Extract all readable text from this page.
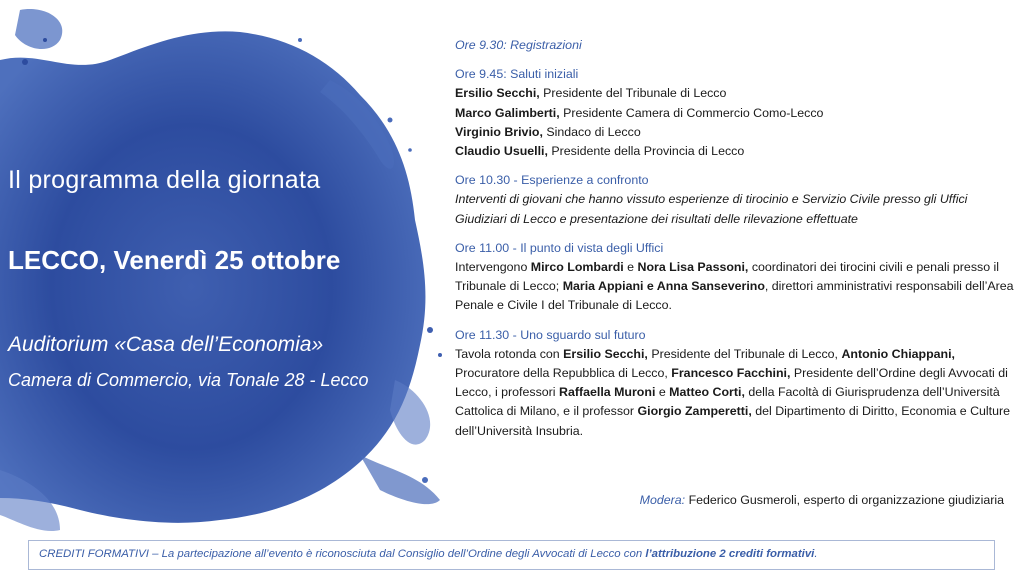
Il programma della giornata
LECCO, Venerdì 25 ottobre
Auditorium «Casa dell’Economia»
Camera di Commercio, via Tonale 28 - Lecco

Ore 9.30: Registrazioni

Ore 9.45: Saluti iniziali

Ersilio Secchi, Presidente del Tribunale di Lecco

Marco Galimberti, Presidente Camera di Commercio Como-Lecco

Virginio Brivio, Sindaco di Lecco

Claudio Usuelli, Presidente della Provincia di Lecco

Ore 10.30 - Esperienze a confronto

Interventi di giovani che hanno vissuto esperienze di tirocinio e Servizio Civile presso gli Uffici Giudiziari di Lecco e presentazione dei risultati delle rilevazione effettuate

Ore 11.00 - Il punto di vista degli Uffici

Intervengono Mirco Lombardi e Nora Lisa Passoni, coordinatori dei tirocini civili e penali presso il Tribunale di Lecco; Maria Appiani e Anna Sanseverino, direttori amministrativi responsabili dell’Area Penale e Civile I del Tribunale di Lecco.

Ore 11.30 - Uno sguardo sul futuro

Tavola rotonda con Ersilio Secchi, Presidente del Tribunale di Lecco, Antonio Chiappani, Procuratore della Repubblica di Lecco, Francesco Facchini, Presidente dell’Ordine degli Avvocati di Lecco, i professori Raffaella Muroni e Matteo Corti, della Facoltà di Giurisprudenza dell’Università Cattolica di Milano, e il professor Giorgio Zamperetti, del Dipartimento di Diritto, Economia e Culture dell’Università Insubria.

Modera: Federico Gusmeroli, esperto di organizzazione giudiziaria
CREDITI FORMATIVI – La partecipazione all’evento è riconosciuta dal Consiglio dell’Ordine degli Avvocati di Lecco con l’attribuzione 2 crediti formativi.
